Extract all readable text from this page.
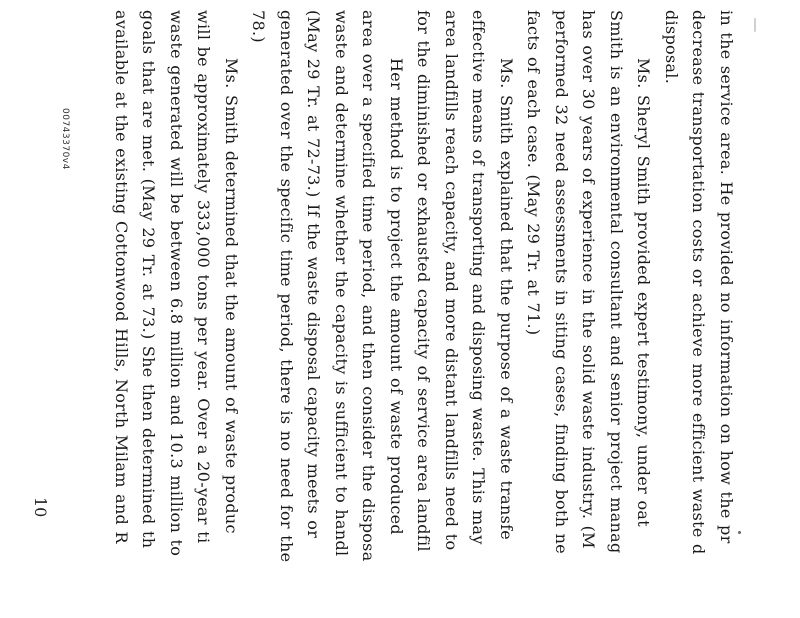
in the service area. He provided no information on how the pr
decrease transportation costs or achieve more efficient waste d
disposal.
Ms. Sheryl Smith provided expert testimony, under oat
Smith is an environmental consultant and senior project manag
has over 30 years of experience in the solid waste industry. (M
performed 32 need assessments in siting cases, finding both ne
facts of each case. (May 29 Tr. at 71.)
Ms. Smith explained that the purpose of a waste transfe
effective means of transporting and disposing waste. This may
area landfills reach capacity, and more distant landfills need to
for the diminished or exhausted capacity of service area landfil
Her method is to project the amount of waste produced
area over a specified time period, and then consider the disposa
waste and determine whether the capacity is sufficient to handl
(May 29 Tr. at 72-73.) If the waste disposal capacity meets or
generated over the specific time period, there is no need for the
78.)
Ms. Smith determined that the amount of waste produc
will be approximately 333,000 tons per year. Over a 20-year ti
waste generated will be between 6.8 million and 10.3 million to
goals that are met. (May 29 Tr. at 73.) She then determined th
available at the existing Cottonwood Hills, North Milam and R
10
00743370v4
